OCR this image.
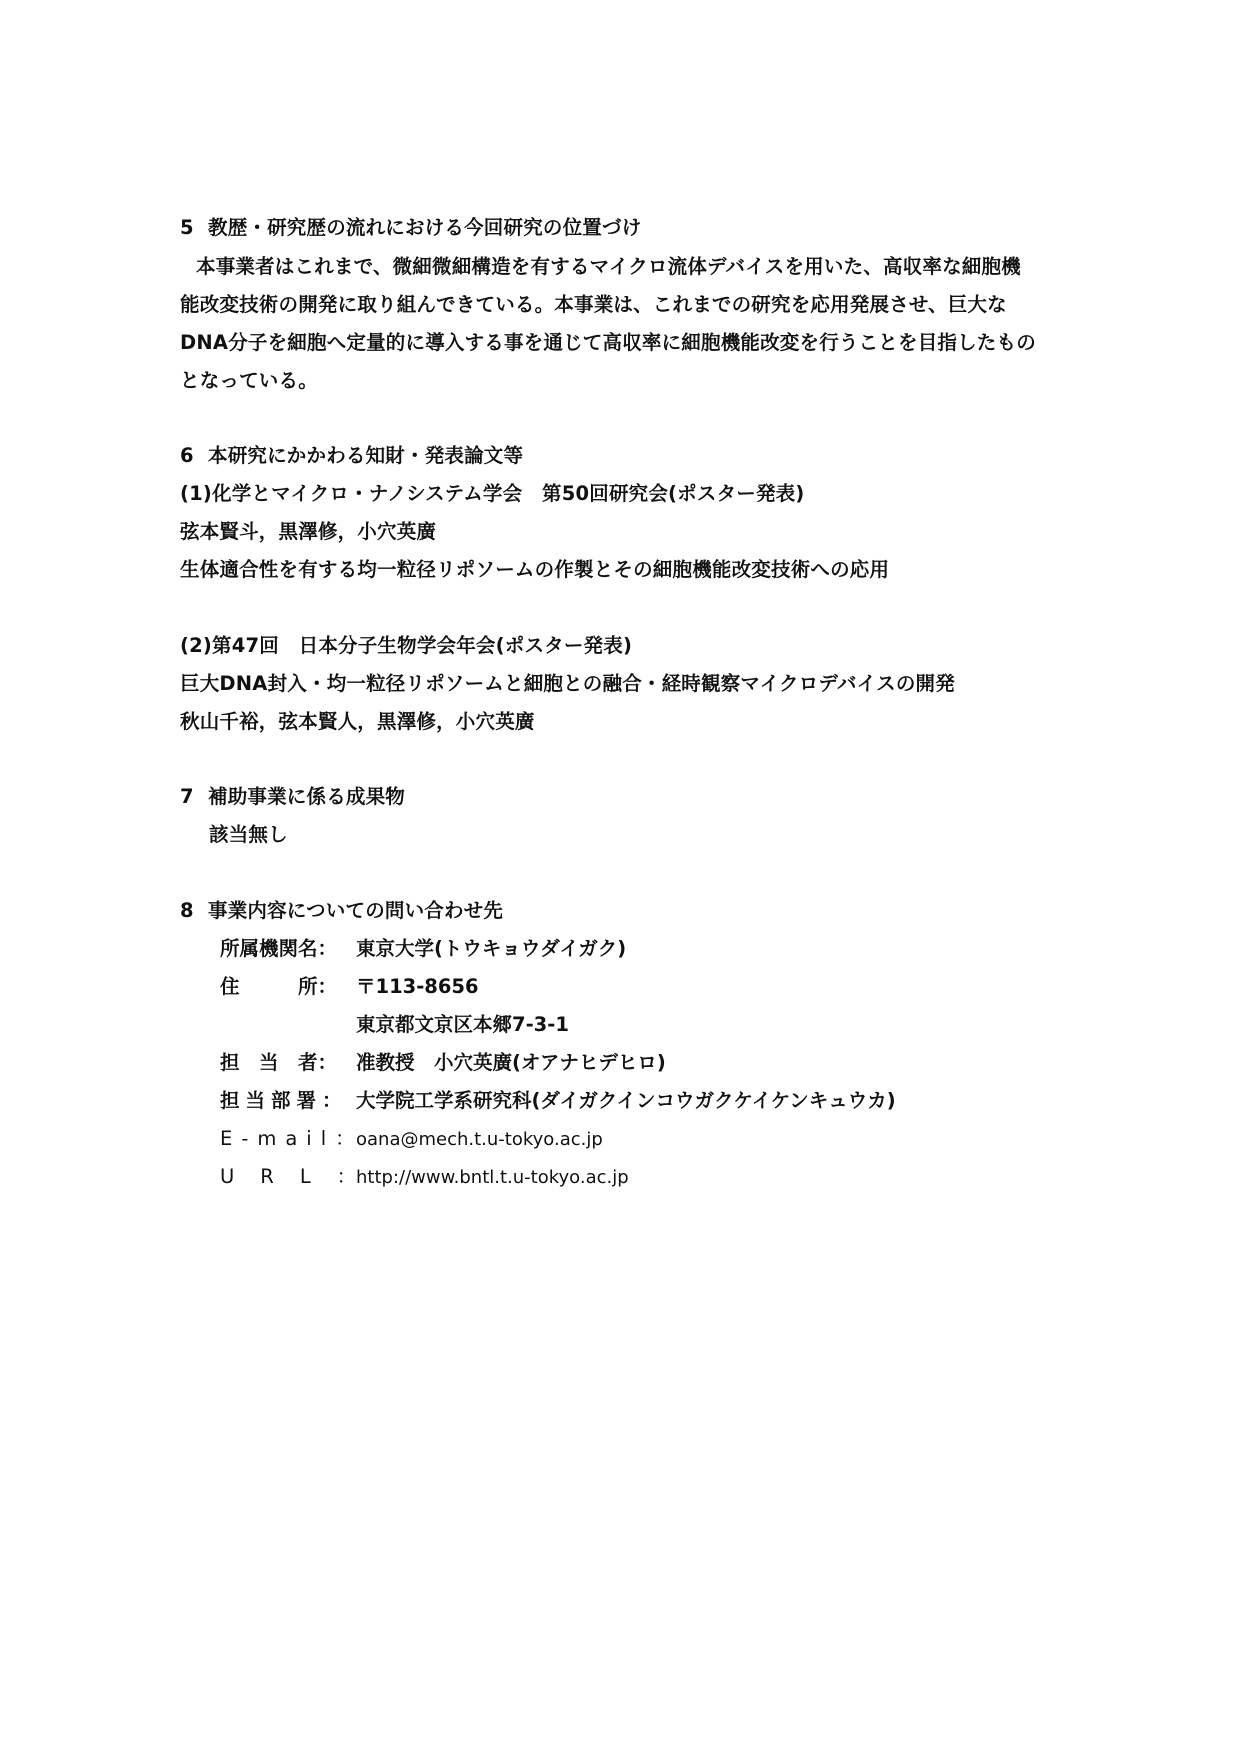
5 教歴・研究歴の流れにおける今回研究の位置づけ
本事業者はこれまで、微細微細構造を有するマイクロ流体デバイスを用いた、高収率な細胞機
能改変技術の開発に取り組んできている。本事業は、これまでの研究を応用発展させ、巨大な
DNA分子を細胞へ定量的に導入する事を通じて高収率に細胞機能改変を行うことを目指したもの
となっている。
6 本研究にかかわる知財・発表論文等
(1)化学とマイクロ・ナノシステム学会　第50回研究会(ポスター発表)
弦本賢斗，黒澤修，小穴英廣
生体適合性を有する均一粒径リポソームの作製とその細胞機能改変技術への応用
(2)第47回　日本分子生物学会年会(ポスター発表)
巨大DNA封入・均一粒径リポソームと細胞との融合・経時観察マイクロデバイスの開発
秋山千裕，弦本賢人，黒澤修，小穴英廣
7 補助事業に係る成果物
該当無し
8 事業内容についての問い合わせ先
所属機関名： 東京大学(トウキョウダイガク)
住　　　所： 〒113-8656
東京都文京区本郷7-3-1
担　当　者： 准教授　小穴英廣(オアナヒデヒロ)
担当部署： 大学院工学系研究科(ダイガクインコウガクケイケンキュウカ)
E-mail：oana@mech.t.u-tokyo.ac.jp
URL：http://www.bntl.t.u-tokyo.ac.jp
